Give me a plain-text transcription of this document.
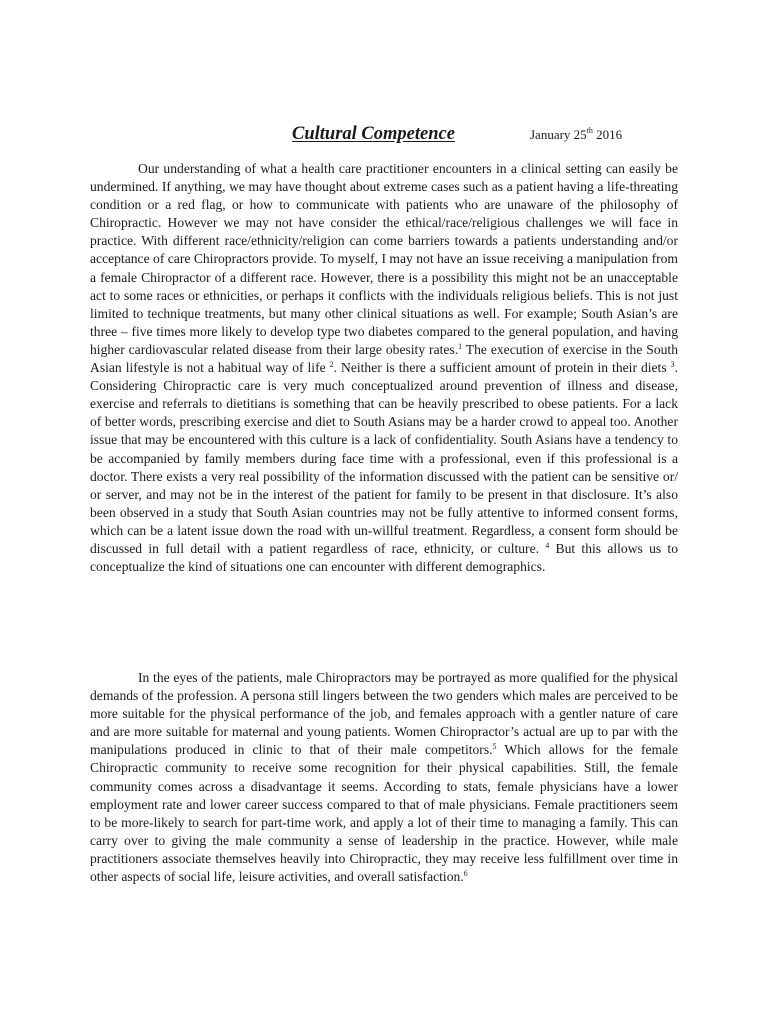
Cultural Competence	January 25th 2016

Our understanding of what a health care practitioner encounters in a clinical setting can easily be undermined. If anything, we may have thought about extreme cases such as a patient having a life-threating condition or a red flag, or how to communicate with patients who are unaware of the philosophy of Chiropractic. However we may not have consider the ethical/race/religious challenges we will face in practice. With different race/ethnicity/religion can come barriers towards a patients understanding and/or acceptance of care Chiropractors provide. To myself, I may not have an issue receiving a manipulation from a female Chiropractor of a different race. However, there is a possibility this might not be an unacceptable act to some races or ethnicities, or perhaps it conflicts with the individuals religious beliefs. This is not just limited to technique treatments, but many other clinical situations as well. For example; South Asian’s are three – five times more likely to develop type two diabetes compared to the general population, and having higher cardiovascular related disease from their large obesity rates.$^1$ The execution of exercise in the South Asian lifestyle is not a habitual way of life $^2$. Neither is there a sufficient amount of protein in their diets $^3$. Considering Chiropractic care is very much conceptualized around prevention of illness and disease, exercise and referrals to dietitians is something that can be heavily prescribed to obese patients. For a lack of better words, prescribing exercise and diet to South Asians may be a harder crowd to appeal too. Another issue that may be encountered with this culture is a lack of confidentiality. South Asians have a tendency to be accompanied by family members during face time with a professional, even if this professional is a doctor. There exists a very real possibility of the information discussed with the patient can be sensitive or/ or server, and may not be in the interest of the patient for family to be present in that disclosure. It’s also been observed in a study that South Asian countries may not be fully attentive to informed consent forms, which can be a latent issue down the road with un-willful treatment. Regardless, a consent form should be discussed in full detail with a patient regardless of race, ethnicity, or culture. $^4$ But this allows us to conceptualize the kind of situations one can encounter with different demographics.

In the eyes of the patients, male Chiropractors may be portrayed as more qualified for the physical demands of the profession. A persona still lingers between the two genders which males are perceived to be more suitable for the physical performance of the job, and females approach with a gentler nature of care and are more suitable for maternal and young patients. Women Chiropractor’s actual are up to par with the manipulations produced in clinic to that of their male competitors.$^5$ Which allows for the female Chiropractic community to receive some recognition for their physical capabilities. Still, the female community comes across a disadvantage it seems. According to stats, female physicians have a lower employment rate and lower career success compared to that of male physicians. Female practitioners seem to be more-likely to search for part-time work, and apply a lot of their time to managing a family. This can carry over to giving the male community a sense of leadership in the practice. However, while male practitioners associate themselves heavily into Chiropractic, they may receive less fulfillment over time in other aspects of social life, leisure activities, and overall satisfaction.$^6$
